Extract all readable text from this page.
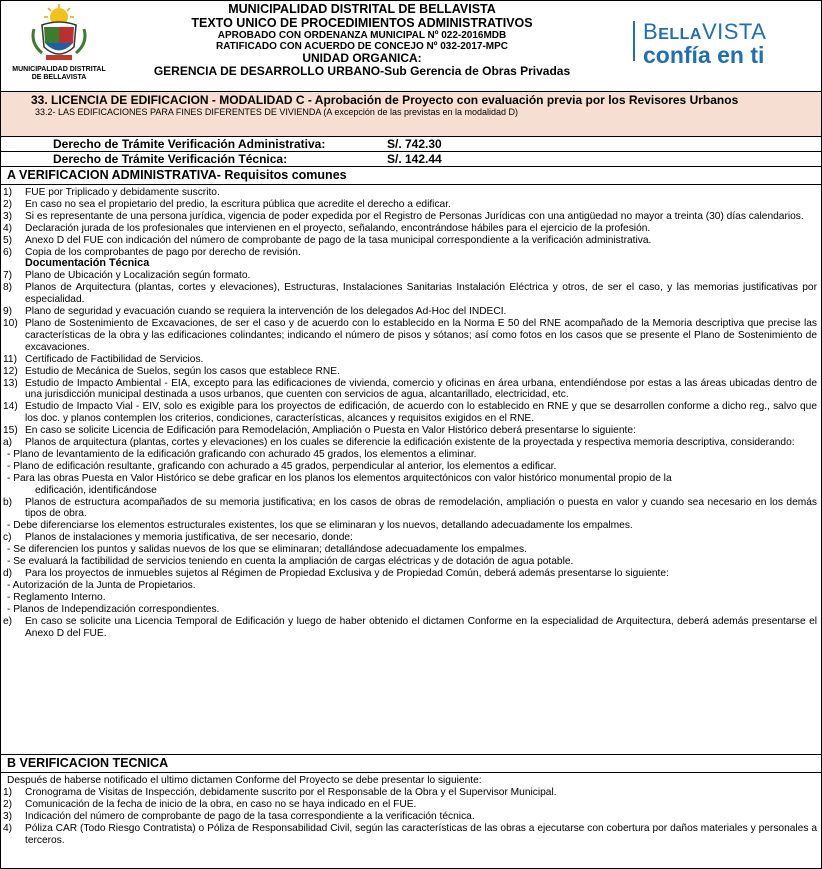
MUNICIPALIDAD DISTRITAL DE BELLAVISTA
MUNICIPALIDAD DISTRITAL DE BELLAVISTA
TEXTO UNICO DE PROCEDIMIENTOS ADMINISTRATIVOS
APROBADO CON ORDENANZA MUNICIPAL Nº 022-2016MDB
RATIFICADO CON ACUERDO DE CONCEJO Nº 032-2017-MPC
UNIDAD ORGANICA:
GERENCIA DE DESARROLLO URBANO-Sub Gerencia de Obras Privadas
BELLAVISTA
confía en ti
33. LICENCIA DE EDIFICACION - MODALIDAD C - Aprobación de Proyecto con evaluación previa por los Revisores Urbanos
33.2- LAS EDIFICACIONES PARA FINES DIFERENTES DE VIVIENDA (A excepción de las previstas en la modalidad D)
Derecho de Trámite Verificación Administrativa:	S/. 742.30
Derecho de Trámite Verificación Técnica:	S/. 142.44
A VERIFICACION ADMINISTRATIVA- Requisitos comunes
1) FUE por Triplicado y debidamente suscrito.
2) En caso no sea el propietario del predio, la escritura pública que acredite el derecho a edificar.
3) Si es representante de una persona jurídica, vigencia de poder expedida por el Registro de Personas Jurídicas con una antigüedad no mayor a treinta (30) días calendarios.
4) Declaración jurada de los profesionales que intervienen en el proyecto, señalando, encontrándose hábiles para el ejercicio de la profesión.
5) Anexo D del FUE con indicación del número de comprobante de pago de la tasa municipal correspondiente a la verificación administrativa.
6) Copia de los comprobantes de pago por derecho de revisión.
Documentación Técnica
7) Plano de Ubicación y Localización según formato.
8) Planos de Arquitectura (plantas, cortes y elevaciones), Estructuras, Instalaciones Sanitarias Instalación Eléctrica y otros, de ser el caso, y las memorias justificativas por especialidad.
9) Plano de seguridad y evacuación cuando se requiera la intervención de los delegados Ad-Hoc del INDECI.
10) Plano de Sostenimiento de Excavaciones, de ser el caso y de acuerdo con lo establecido en la Norma E 50 del RNE acompañado de la Memoria descriptiva que precise las características de la obra y las edificaciones colindantes; indicando el número de pisos y sótanos; así como fotos en los casos que se presente el Plano de Sostenimiento de excavaciones.
11) Certificado de Factibilidad de Servicios.
12) Estudio de Mecánica de Suelos, según los casos que establece RNE.
13) Estudio de Impacto Ambiental - EIA, excepto para las edificaciones de vivienda, comercio y oficinas en área urbana, entendiéndose por estas a las áreas ubicadas dentro de una jurisdicción municipal destinada a usos urbanos, que cuenten con servicios de agua, alcantarillado, electricidad, etc.
14) Estudio de Impacto Vial - EIV, solo es exigible para los proyectos de edificación, de acuerdo con lo establecido en RNE y que se desarrollen conforme a dicho reg., salvo que los doc. y planos contemplen los criterios, condiciones, características, alcances y requisitos exigidos en el RNE.
15) En caso se solicite Licencia de Edificación para Remodelación, Ampliación o Puesta en Valor Histórico deberá presentarse lo siguiente:
a) Planos de arquitectura (plantas, cortes y elevaciones) en los cuales se diferencie la edificación existente de la proyectada y respectiva memoria descriptiva, considerando:
- Plano de levantamiento de la edificación graficando con achurado 45 grados, los elementos a eliminar.
- Plano de edificación resultante, graficando con achurado a 45 grados, perpendicular al anterior, los elementos a edificar.
- Para las obras Puesta en Valor Histórico se debe graficar en los planos los elementos arquitectónicos con valor histórico monumental propio de la
edificación, identificándose
b) Planos de estructura acompañados de su memoria justificativa; en los casos de obras de remodelación, ampliación o puesta en valor y cuando sea necesario en los demás tipos de obra.
- Debe diferenciarse los elementos estructurales existentes, los que se eliminaran y los nuevos, detallando adecuadamente los empalmes.
c) Planos de instalaciones y memoria justificativa, de ser necesario, donde:
- Se diferencien los puntos y salidas nuevos de los que se eliminaran; detallándose adecuadamente los empalmes.
- Se evaluará la factibilidad de servicios teniendo en cuenta la ampliación de cargas eléctricas y de dotación de agua potable.
d) Para los proyectos de inmuebles sujetos al Régimen de Propiedad Exclusiva y de Propiedad Común, deberá además presentarse lo siguiente:
- Autorización de la Junta de Propietarios.
- Reglamento Interno.
- Planos de Independización correspondientes.
e) En caso se solicite una Licencia Temporal de Edificación y luego de haber obtenido el dictamen Conforme en la especialidad de Arquitectura, deberá además presentarse el Anexo D del FUE.
B VERIFICACION TECNICA
Después de haberse notificado el ultimo dictamen Conforme del Proyecto se debe presentar lo siguiente:
1) Cronograma de Visitas de Inspección, debidamente suscrito por el Responsable de la Obra y el Supervisor Municipal.
2) Comunicación de la fecha de inicio de la obra, en caso no se haya indicado en el FUE.
3) Indicación del número de comprobante de pago de la tasa correspondiente a la verificación técnica.
4) Póliza CAR (Todo Riesgo Contratista) o Póliza de Responsabilidad Civil, según las características de las obras a ejecutarse con cobertura por daños materiales y personales a terceros.
